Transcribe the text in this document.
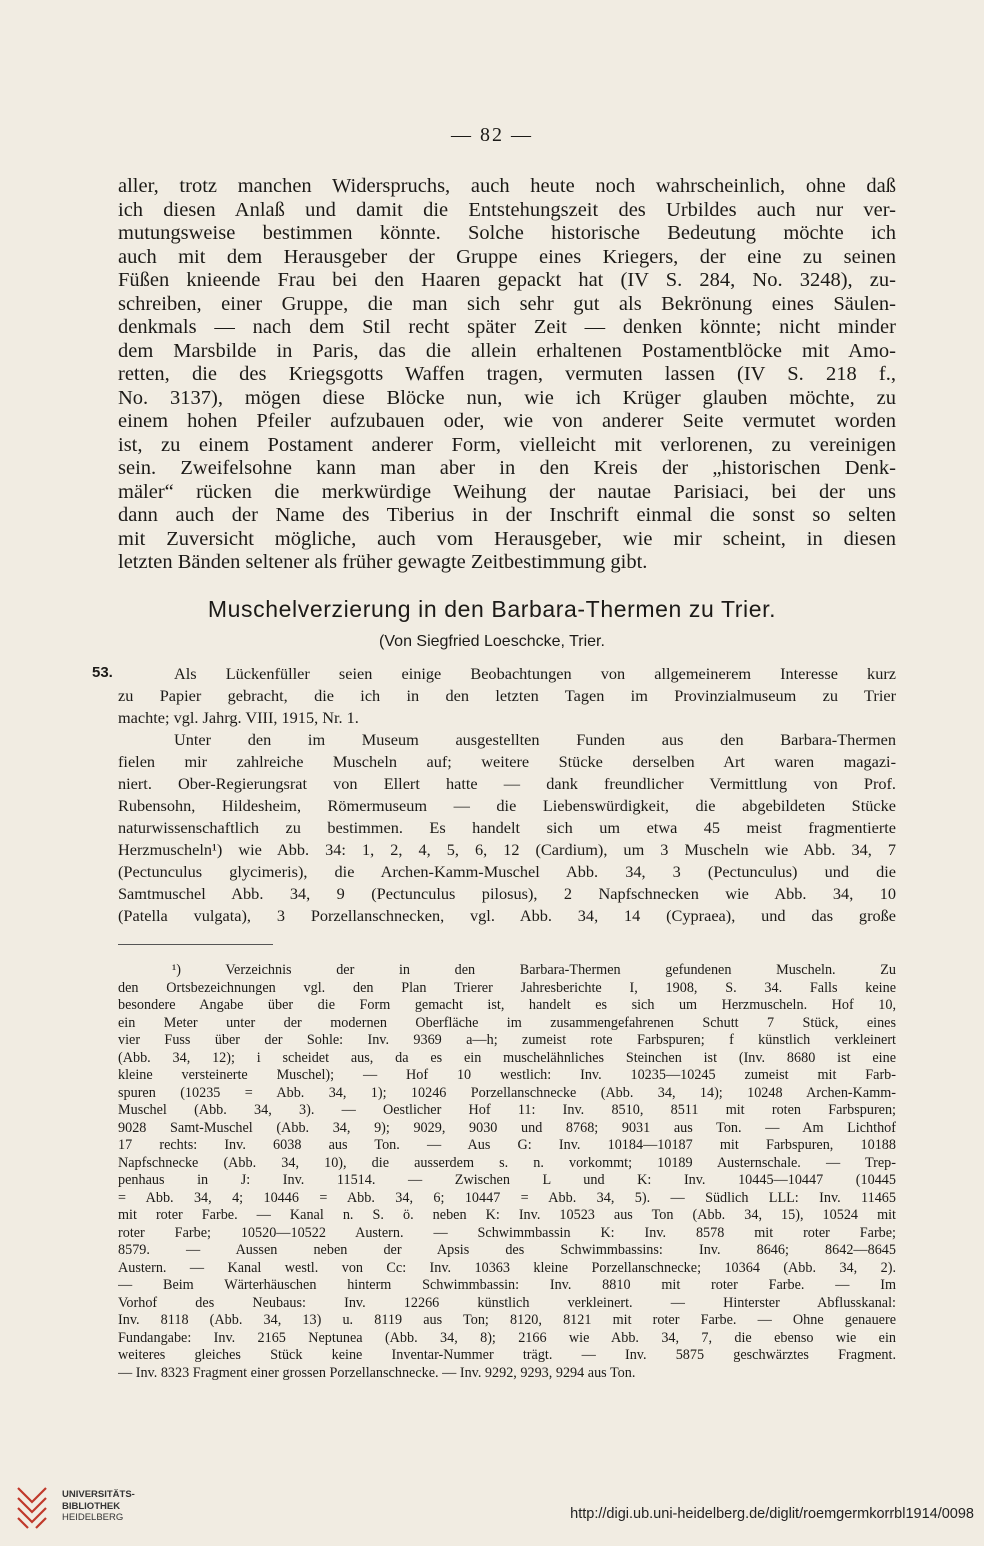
— 82 —
aller, trotz manchen Widerspruchs, auch heute noch wahrscheinlich, ohne daß
ich diesen Anlaß und damit die Entstehungszeit des Urbildes auch nur ver-
mutungsweise bestimmen könnte. Solche historische Bedeutung möchte ich
auch mit dem Herausgeber der Gruppe eines Kriegers, der eine zu seinen
Füßen knieende Frau bei den Haaren gepackt hat (IV S. 284, No. 3248), zu-
schreiben, einer Gruppe, die man sich sehr gut als Bekrönung eines Säulen-
denkmals — nach dem Stil recht später Zeit — denken könnte; nicht minder
dem Marsbilde in Paris, das die allein erhaltenen Postamentblöcke mit Amo-
retten, die des Kriegsgotts Waffen tragen, vermuten lassen (IV S. 218 f.,
No. 3137), mögen diese Blöcke nun, wie ich Krüger glauben möchte, zu
einem hohen Pfeiler aufzubauen oder, wie von anderer Seite vermutet worden
ist, zu einem Postament anderer Form, vielleicht mit verlorenen, zu vereinigen
sein. Zweifelsohne kann man aber in den Kreis der „historischen Denk-
mäler“ rücken die merkwürdige Weihung der nautae Parisiaci, bei der uns
dann auch der Name des Tiberius in der Inschrift einmal die sonst so selten
mit Zuversicht mögliche, auch vom Herausgeber, wie mir scheint, in diesen
letzten Bänden seltener als früher gewagte Zeitbestimmung gibt.
Muschelverzierung in den Barbara-Thermen zu Trier.
(Von Siegfried Loeschcke, Trier.
53.	Als Lückenfüller seien einige Beobachtungen von allgemeinerem Interesse kurz
zu Papier gebracht, die ich in den letzten Tagen im Provinzialmuseum zu Trier
machte; vgl. Jahrg. VIII, 1915, Nr. 1.
Unter den im Museum ausgestellten Funden aus den Barbara-Thermen
fielen mir zahlreiche Muscheln auf; weitere Stücke derselben Art waren magazi-
niert. Ober-Regierungsrat von Ellert hatte — dank freundlicher Vermittlung von Prof.
Rubensohn, Hildesheim, Römermuseum — die Liebenswürdigkeit, die abgebildeten Stücke
naturwissenschaftlich zu bestimmen. Es handelt sich um etwa 45 meist fragmentierte
Herzmuscheln¹) wie Abb. 34: 1, 2, 4, 5, 6, 12 (Cardium), um 3 Muscheln wie Abb. 34, 7
(Pectunculus glycimeris), die Archen-Kamm-Muschel Abb. 34, 3 (Pectunculus) und die
Samtmuschel Abb. 34, 9 (Pectunculus pilosus), 2 Napfschnecken wie Abb. 34, 10
(Patella vulgata), 3 Porzellanschnecken, vgl. Abb. 34, 14 (Cypraea), und das große
¹) Verzeichnis der in den Barbara-Thermen gefundenen Muscheln. Zu
den Ortsbezeichnungen vgl. den Plan Trierer Jahresberichte I, 1908, S. 34. Falls keine
besondere Angabe über die Form gemacht ist, handelt es sich um Herzmuscheln. Hof 10,
ein Meter unter der modernen Oberfläche im zusammengefahrenen Schutt 7 Stück, eines
vier Fuss über der Sohle: Inv. 9369 a—h; zumeist rote Farbspuren; f künstlich verkleinert
(Abb. 34, 12); i scheidet aus, da es ein muschelähnliches Steinchen ist (Inv. 8680 ist eine
kleine versteinerte Muschel); — Hof 10 westlich: Inv. 10235—10245 zumeist mit Farb-
spuren (10235 = Abb. 34, 1); 10246 Porzellanschnecke (Abb. 34, 14); 10248 Archen-Kamm-
Muschel (Abb. 34, 3). — Oestlicher Hof 11: Inv. 8510, 8511 mit roten Farbspuren;
9028 Samt-Muschel (Abb. 34, 9); 9029, 9030 und 8768; 9031 aus Ton. — Am Lichthof
17 rechts: Inv. 6038 aus Ton. — Aus G: Inv. 10184—10187 mit Farbspuren, 10188
Napfschnecke (Abb. 34, 10), die ausserdem s. n. vorkommt; 10189 Austernschale. — Trep-
penhaus in J: Inv. 11514. — Zwischen L und K: Inv. 10445—10447 (10445
= Abb. 34, 4; 10446 = Abb. 34, 6; 10447 = Abb. 34, 5). — Südlich LLL: Inv. 11465
mit roter Farbe. — Kanal n. S. ö. neben K: Inv. 10523 aus Ton (Abb. 34, 15), 10524 mit
roter Farbe; 10520—10522 Austern. — Schwimmbassin K: Inv. 8578 mit roter Farbe;
8579. — Aussen neben der Apsis des Schwimmbassins: Inv. 8646; 8642—8645
Austern. — Kanal westl. von Cc: Inv. 10363 kleine Porzellanschnecke; 10364 (Abb. 34, 2).
— Beim Wärterhäuschen hinterm Schwimmbassin: Inv. 8810 mit roter Farbe. — Im
Vorhof des Neubaus: Inv. 12266 künstlich verkleinert. — Hinterster Abflusskanal:
Inv. 8118 (Abb. 34, 13) u. 8119 aus Ton; 8120, 8121 mit roter Farbe. — Ohne genauere
Fundangabe: Inv. 2165 Neptunea (Abb. 34, 8); 2166 wie Abb. 34, 7, die ebenso wie ein
weiteres gleiches Stück keine Inventar-Nummer trägt. — Inv. 5875 geschwärztes Fragment.
— Inv. 8323 Fragment einer grossen Porzellanschnecke. — Inv. 9292, 9293, 9294 aus Ton.
UNIVERSITÄTS-
BIBLIOTHEK
HEIDELBERG	http://digi.ub.uni-heidelberg.de/diglit/roemgermkorrbl1914/0098
